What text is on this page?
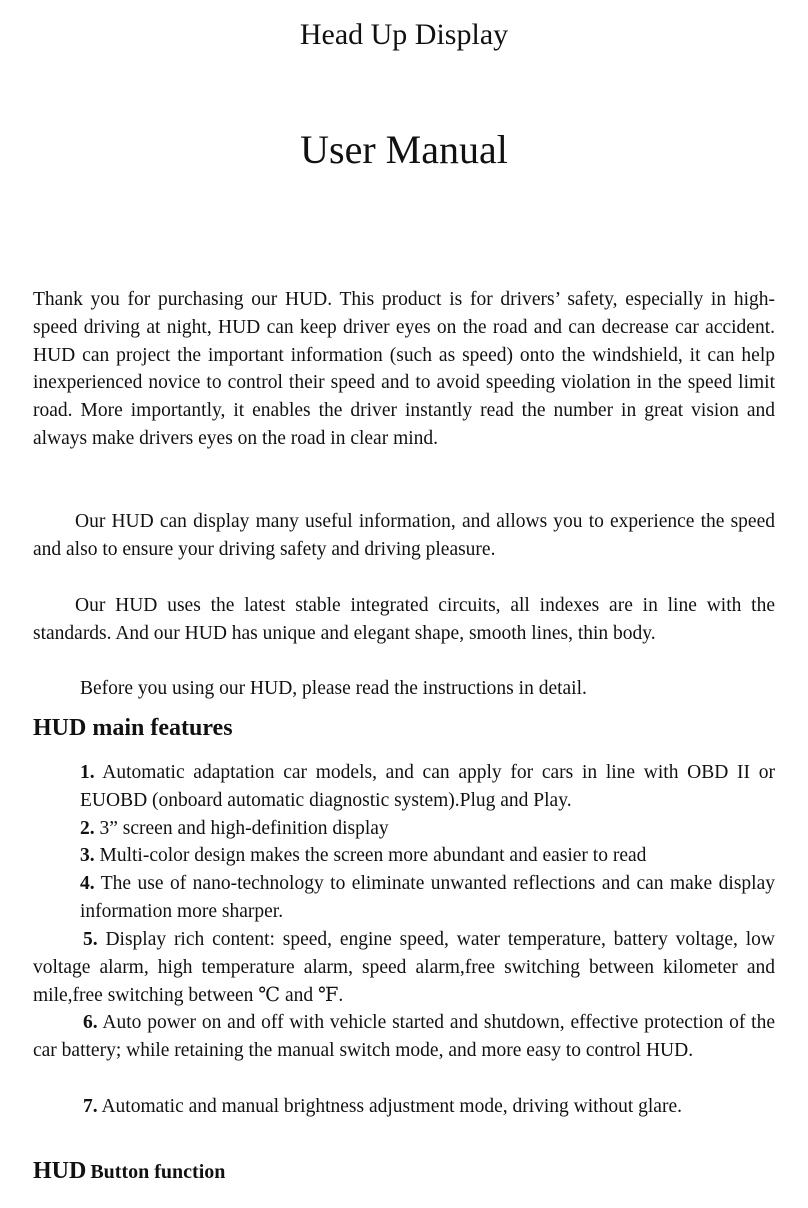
Head Up Display
User Manual

Thank you for purchasing our HUD. This product is for drivers’ safety, especially in high-speed driving at night, HUD can keep driver eyes on the road and can decrease car accident. HUD can project the important information (such as speed) onto the windshield, it can help inexperienced novice to control their speed and to avoid speeding violation in the speed limit road. More importantly, it enables the driver instantly read the number in great vision and always make drivers eyes on the road in clear mind.

Our HUD can display many useful information, and allows you to experience the speed and also to ensure your driving safety and driving pleasure.

Our HUD uses the latest stable integrated circuits, all indexes are in line with the standards. And our HUD has unique and elegant shape, smooth lines, thin body.

Before you using our HUD, please read the instructions in detail.

HUD main features
1. Automatic adaptation car models, and can apply for cars in line with OBD II or EUOBD (onboard automatic diagnostic system).Plug and Play.
2. 3” screen and high-definition display
3. Multi-color design makes the screen more abundant and easier to read
4. The use of nano-technology to eliminate unwanted reflections and can make display information more sharper.
5. Display rich content: speed, engine speed, water temperature, battery voltage, low voltage alarm, high temperature alarm, speed alarm,free switching between kilometer and mile,free switching between ℃ and ℉.
6. Auto power on and off with vehicle started and shutdown, effective protection of the car battery; while retaining the manual switch mode, and more easy to control HUD.
7. Automatic and manual brightness adjustment mode, driving without glare.
HUD Button function
